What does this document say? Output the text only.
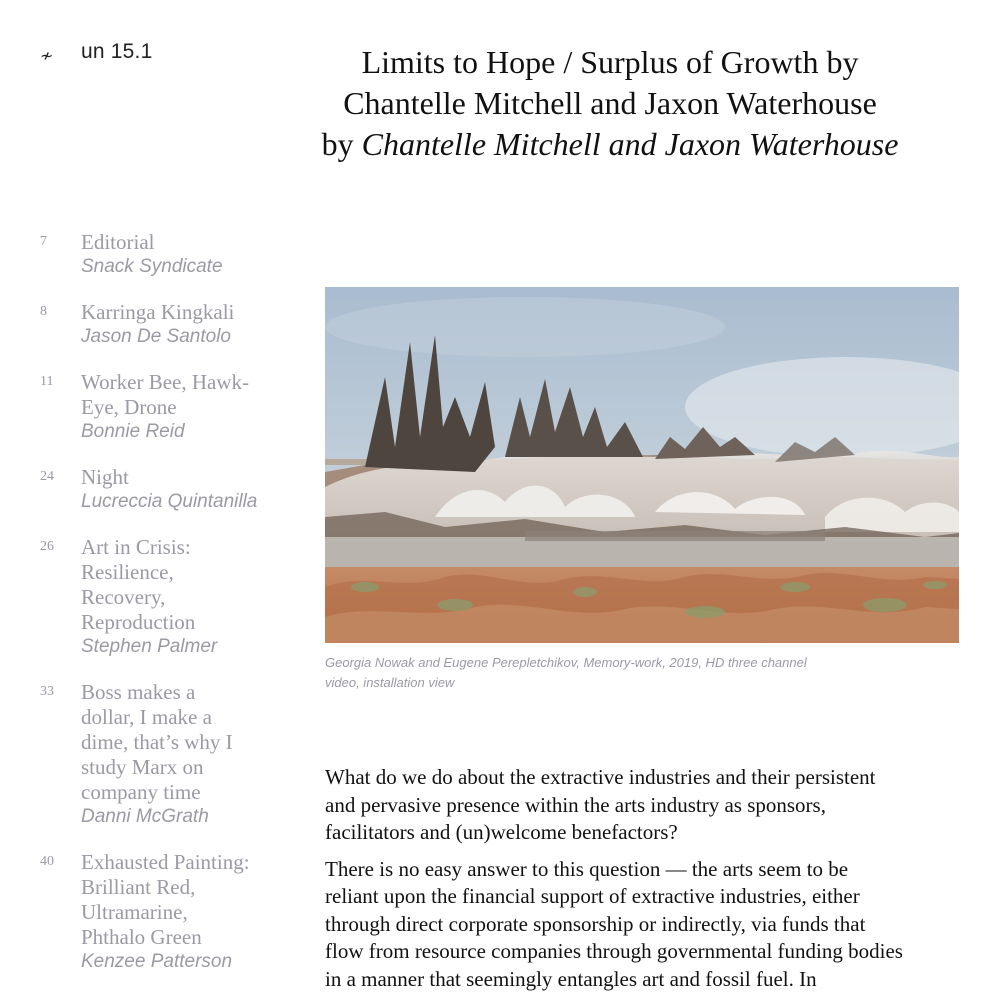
≁ un 15.1	Limits to Hope / Surplus of Growth by Chantelle Mitchell and Jaxon Waterhouse
by Chantelle Mitchell and Jaxon Waterhouse
7 Editorial
Snack Syndicate
8 Karringa Kingkali
Jason De Santolo
11 Worker Bee, Hawk-Eye, Drone
Bonnie Reid
24 Night
Lucreccia Quintanilla
26 Art in Crisis: Resilience, Recovery, Reproduction
Stephen Palmer
33 Boss makes a dollar, I make a dime, that’s why I study Marx on company time
Danni McGrath
40 Exhausted Painting: Brilliant Red, Ultramarine, Phthalo Green
Kenzee Patterson
Georgia Nowak and Eugene Perepletchikov, Memory-work, 2019, HD three channel video, installation view

What do we do about the extractive industries and their persistent and pervasive presence within the arts industry as sponsors, facilitators and (un)welcome benefactors?

There is no easy answer to this question — the arts seem to be reliant upon the financial support of extractive industries, either through direct corporate sponsorship or indirectly, via funds that flow from resource companies through governmental funding bodies in a manner that seemingly entangles art and fossil fuel. In
